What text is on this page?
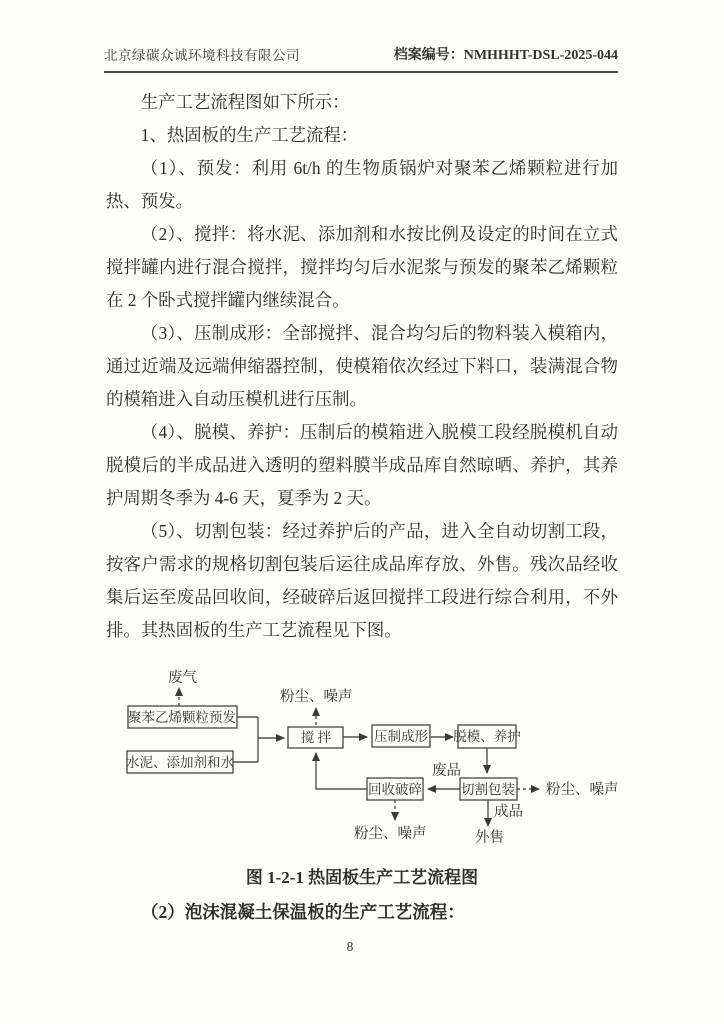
北京绿碳众诚环境科技有限公司	档案编号：NMHHHT-DSL-2025-044

生产工艺流程图如下所示：

1、热固板的生产工艺流程：

（1）、预发：利用 6t/h 的生物质锅炉对聚苯乙烯颗粒进行加热、预发。

（2）、搅拌：将水泥、添加剂和水按比例及设定的时间在立式搅拌罐内进行混合搅拌，搅拌均匀后水泥浆与预发的聚苯乙烯颗粒在 2 个卧式搅拌罐内继续混合。

（3）、压制成形：全部搅拌、混合均匀后的物料装入模箱内，通过近端及远端伸缩器控制，使模箱依次经过下料口，装满混合物的模箱进入自动压模机进行压制。

（4）、脱模、养护：压制后的模箱进入脱模工段经脱模机自动脱模后的半成品进入透明的塑料膜半成品库自然晾晒、养护，其养护周期冬季为 4-6 天，夏季为 2 天。

（5）、切割包装：经过养护后的产品，进入全自动切割工段，按客户需求的规格切割包装后运往成品库存放、外售。残次品经收集后运至废品回收间，经破碎后返回搅拌工段进行综合利用，不外排。其热固板的生产工艺流程见下图。

聚苯乙烯颗粒预发
水泥、添加剂和水
搅 拌	压制成形 脱模、养护
切割包装
回收破碎
废气
粉尘、噪声
废品
粉尘、噪声
成品
外售
粉尘、噪声
图 1-2-1 热固板生产工艺流程图
（2）泡沫混凝土保温板的生产工艺流程：
8
